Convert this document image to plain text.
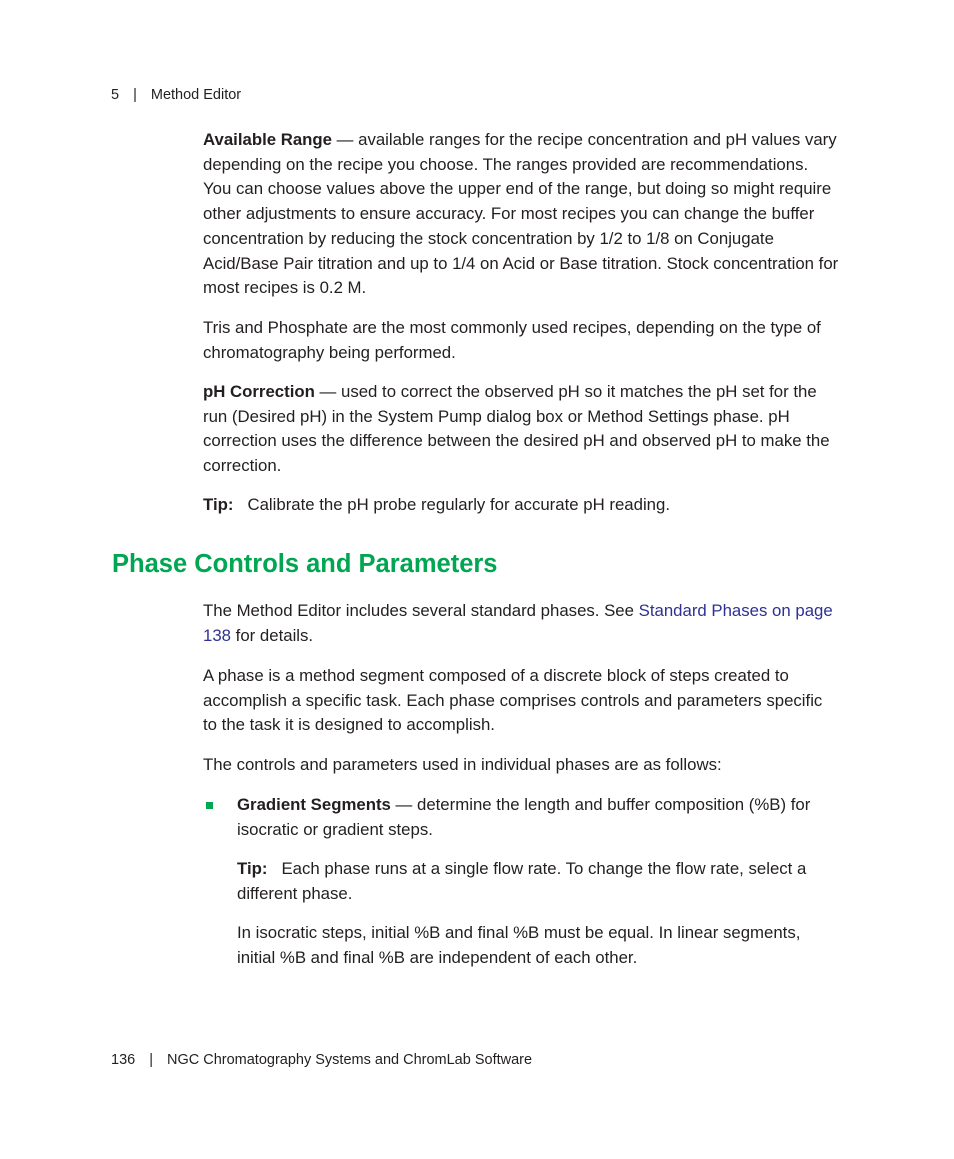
5 | Method Editor

Available Range — available ranges for the recipe concentration and pH values vary depending on the recipe you choose. The ranges provided are recommendations. You can choose values above the upper end of the range, but doing so might require other adjustments to ensure accuracy. For most recipes you can change the buffer concentration by reducing the stock concentration by 1/2 to 1/8 on Conjugate Acid/Base Pair titration and up to 1/4 on Acid or Base titration. Stock concentration for most recipes is 0.2 M.

Tris and Phosphate are the most commonly used recipes, depending on the type of chromatography being performed.

pH Correction — used to correct the observed pH so it matches the pH set for the run (Desired pH) in the System Pump dialog box or Method Settings phase. pH correction uses the difference between the desired pH and observed pH to make the correction.

Tip: Calibrate the pH probe regularly for accurate pH reading.

Phase Controls and Parameters

The Method Editor includes several standard phases. See Standard Phases on page 138 for details.

A phase is a method segment composed of a discrete block of steps created to accomplish a specific task. Each phase comprises controls and parameters specific to the task it is designed to accomplish.

The controls and parameters used in individual phases are as follows:

Gradient Segments — determine the length and buffer composition (%B) for isocratic or gradient steps.

Tip: Each phase runs at a single flow rate. To change the flow rate, select a different phase.

In isocratic steps, initial %B and final %B must be equal. In linear segments, initial %B and final %B are independent of each other.

136 | NGC Chromatography Systems and ChromLab Software
